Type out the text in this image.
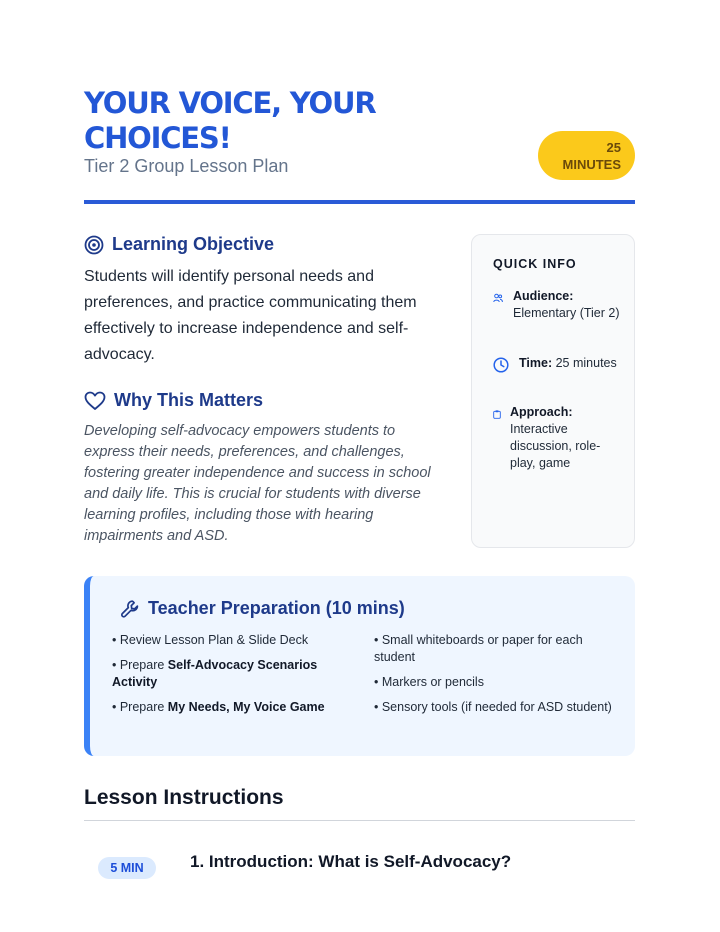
YOUR VOICE, YOUR CHOICES!
Tier 2 Group Lesson Plan
25 MINUTES
Learning Objective

Students will identify personal needs and preferences, and practice communicating them effectively to increase independence and self-advocacy.

Why This Matters

Developing self-advocacy empowers students to express their needs, preferences, and challenges, fostering greater independence and success in school and daily life. This is crucial for students with diverse learning profiles, including those with hearing impairments and ASD.

QUICK INFO
Audience:
Elementary (Tier 2)
Time: 25 minutes
Approach:
Interactive discussion, role-play, game
Teacher Preparation (10 mins)
• Review Lesson Plan & Slide Deck
• Prepare Self-Advocacy Scenarios Activity
• Prepare My Needs, My Voice Game
• Small whiteboards or paper for each student
• Markers or pencils
• Sensory tools (if needed for ASD student)
Lesson Instructions
5 MIN	1. Introduction: What is Self-Advocacy?
